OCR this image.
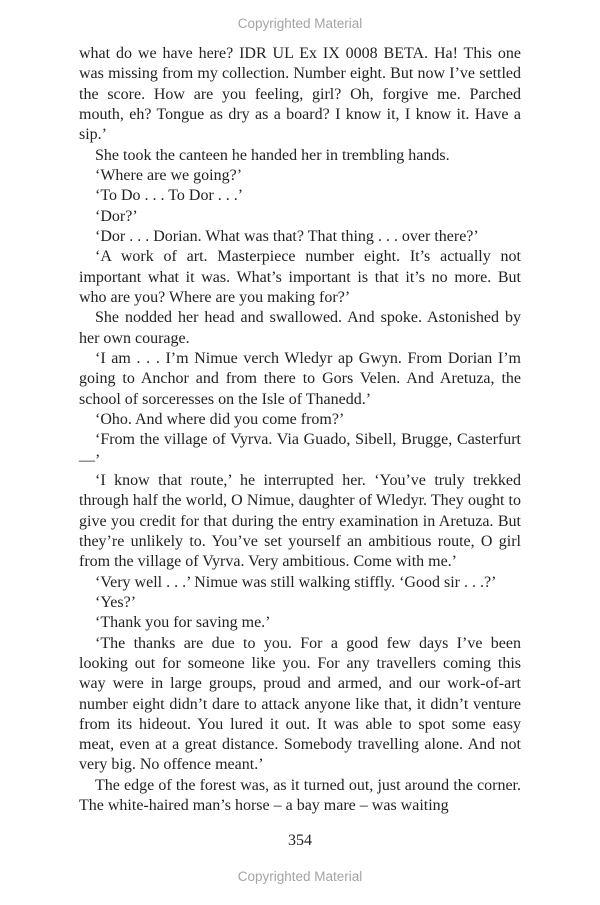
Copyrighted Material

what do we have here? IDR UL Ex IX 0008 BETA. Ha! This one was missing from my collection. Number eight. But now I’ve settled the score. How are you feeling, girl? Oh, forgive me. Parched mouth, eh? Tongue as dry as a board? I know it, I know it. Have a sip.’

She took the canteen he handed her in trembling hands.

‘Where are we going?’

‘To Do . . . To Dor . . .’

‘Dor?’

‘Dor . . . Dorian. What was that? That thing . . . over there?’

‘A work of art. Masterpiece number eight. It’s actually not important what it was. What’s important is that it’s no more. But who are you? Where are you making for?’

She nodded her head and swallowed. And spoke. Astonished by her own courage.

‘I am . . . I’m Nimue verch Wledyr ap Gwyn. From Dorian I’m going to Anchor and from there to Gors Velen. And Aretuza, the school of sorceresses on the Isle of Thanedd.’

‘Oho. And where did you come from?’

‘From the village of Vyrva. Via Guado, Sibell, Brugge, Casterfurt—’

‘I know that route,’ he interrupted her. ‘You’ve truly trekked through half the world, O Nimue, daughter of Wledyr. They ought to give you credit for that during the entry examination in Aretuza. But they’re unlikely to. You’ve set yourself an ambitious route, O girl from the village of Vyrva. Very ambitious. Come with me.’

‘Very well . . .’ Nimue was still walking stiffly. ‘Good sir . . .?’

‘Yes?’

‘Thank you for saving me.’

‘The thanks are due to you. For a good few days I’ve been looking out for someone like you. For any travellers coming this way were in large groups, proud and armed, and our work-of-art number eight didn’t dare to attack anyone like that, it didn’t venture from its hideout. You lured it out. It was able to spot some easy meat, even at a great distance. Somebody travelling alone. And not very big. No offence meant.’

The edge of the forest was, as it turned out, just around the corner. The white-haired man’s horse – a bay mare – was waiting

354
Copyrighted Material
